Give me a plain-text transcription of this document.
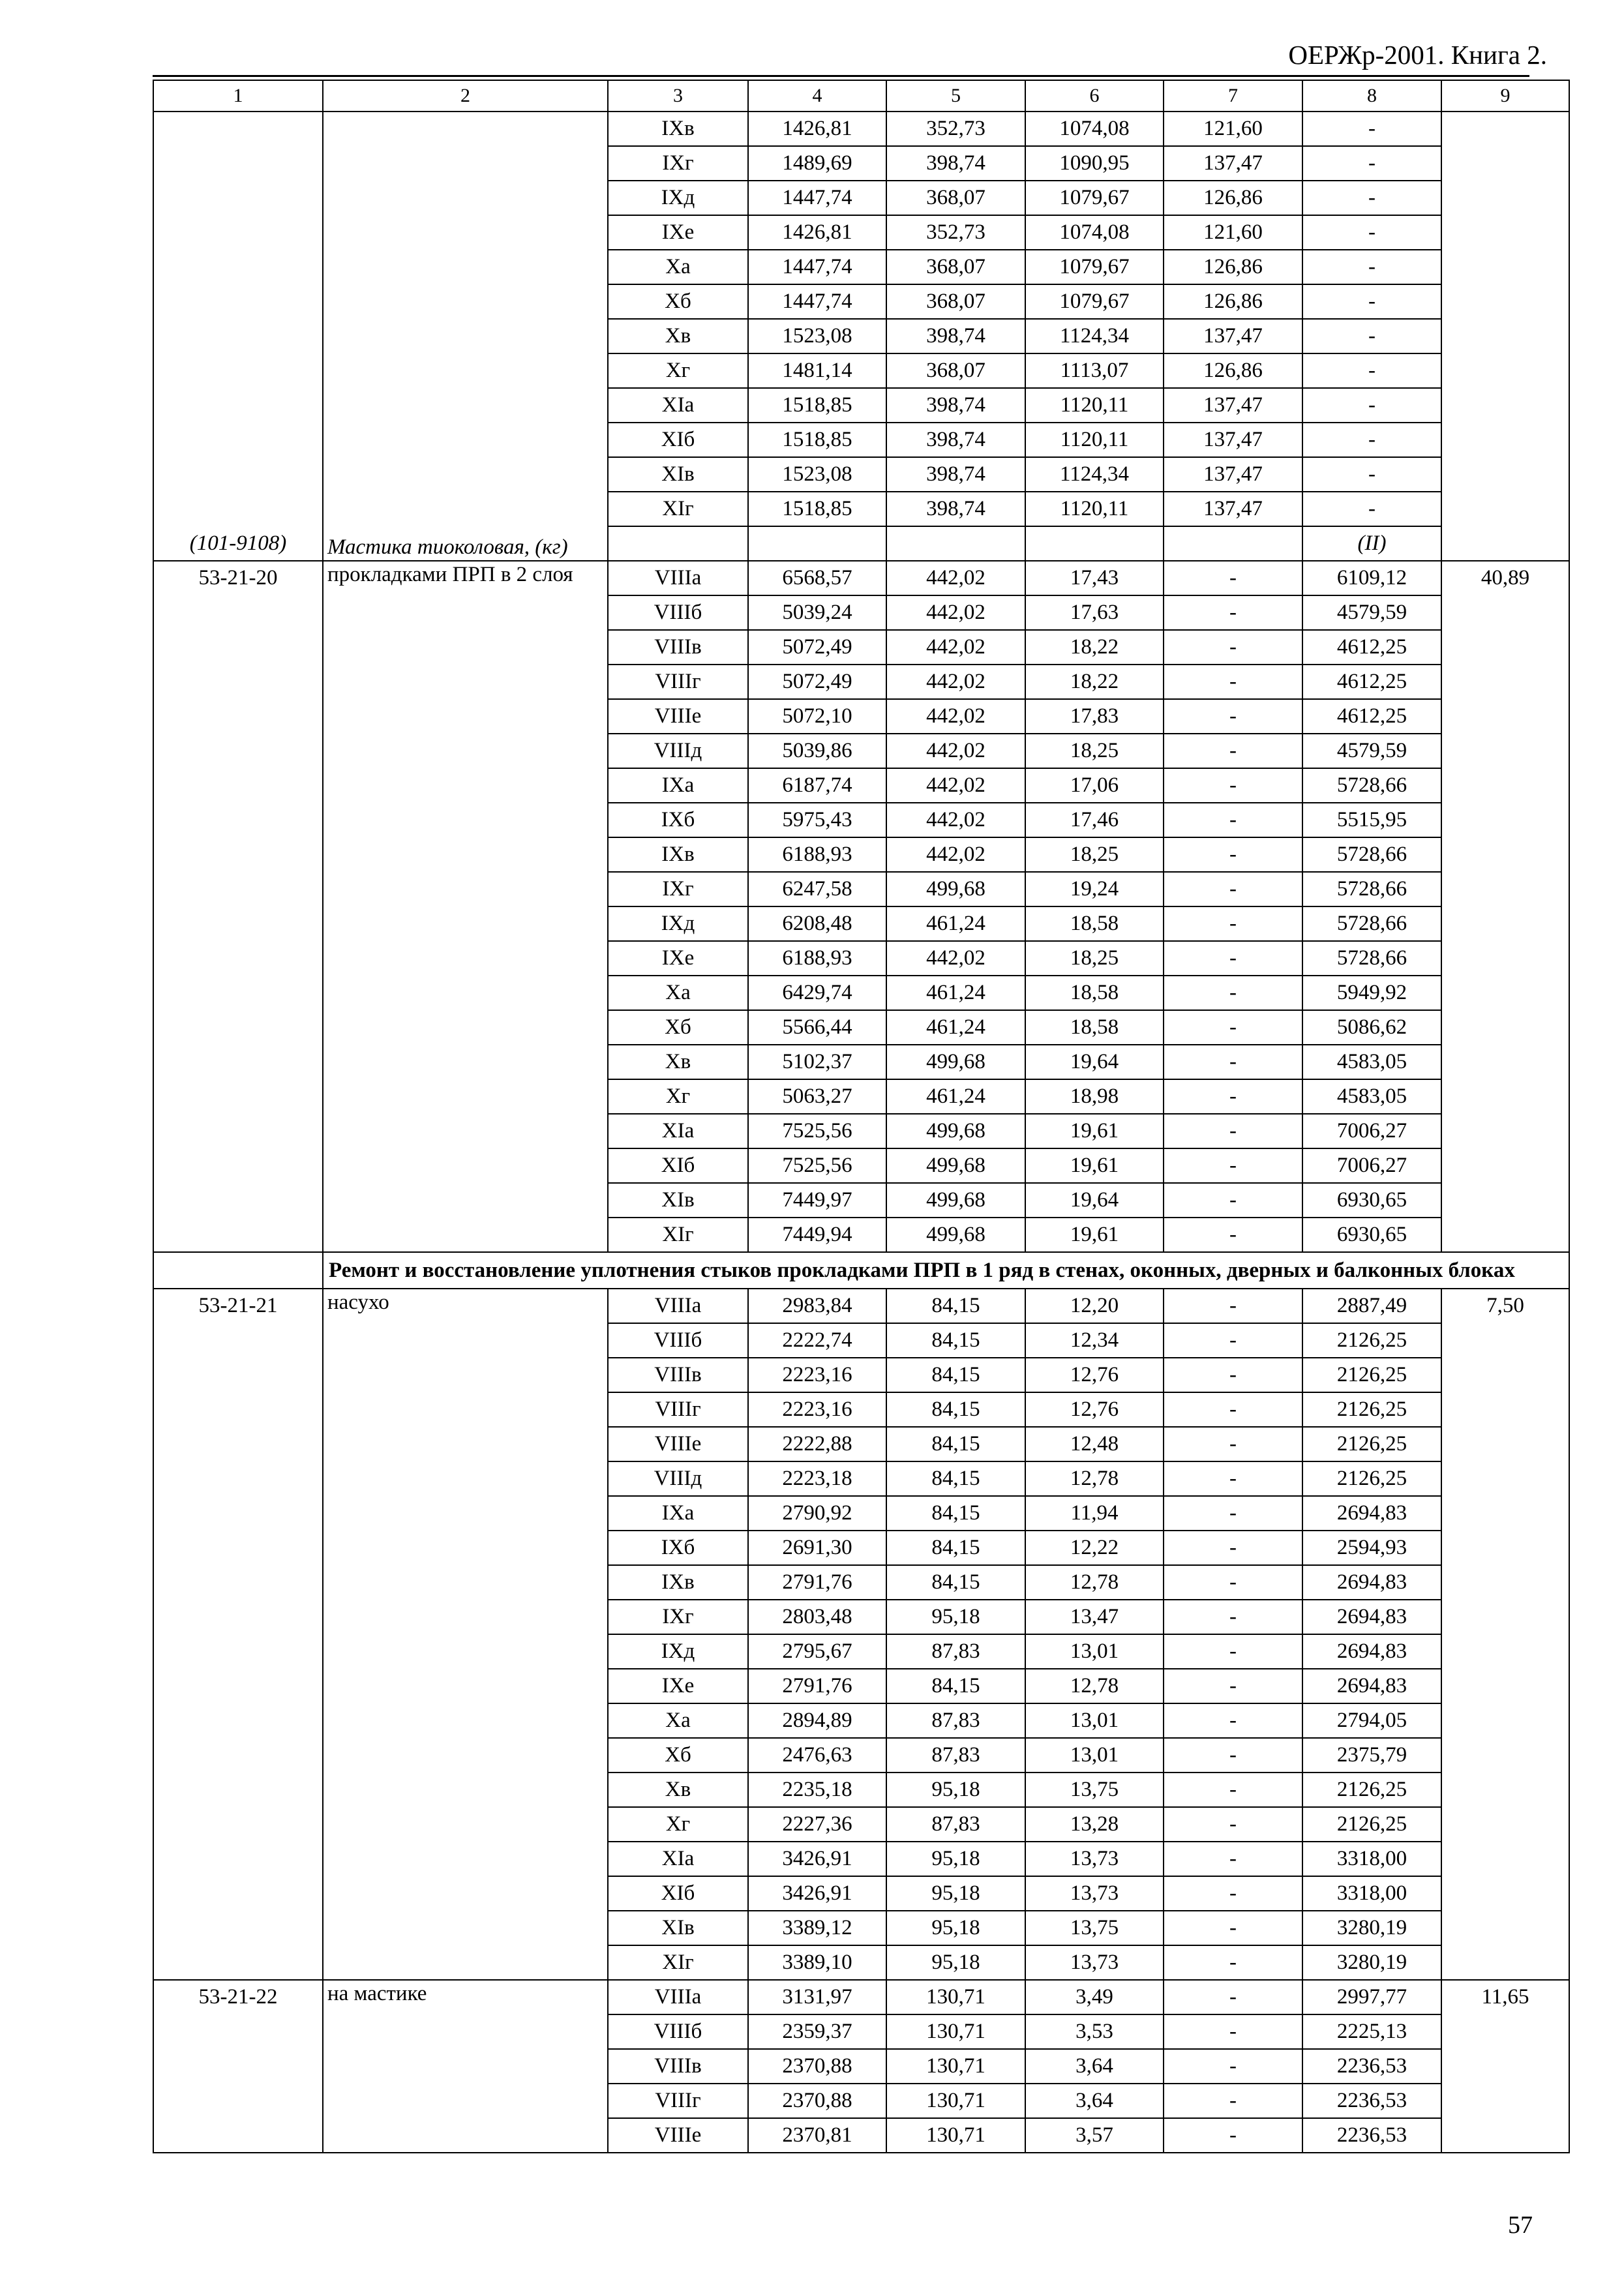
ОЕРЖр-2001. Книга 2.
1	2	3	4	5	6	7	8	9

(101-9108)	Мастика тиоколовая, (кг)	IXв	1426,81	352,73	1074,08	121,60	-	
		IXг	1489,69	398,74	1090,95	137,47	-	
		IXд	1447,74	368,07	1079,67	126,86	-	
		IXе	1426,81	352,73	1074,08	121,60	-	
		Xа	1447,74	368,07	1079,67	126,86	-	
		Xб	1447,74	368,07	1079,67	126,86	-	
		Xв	1523,08	398,74	1124,34	137,47	-	
		Xг	1481,14	368,07	1113,07	126,86	-	
		XIа	1518,85	398,74	1120,11	137,47	-	
		XIб	1518,85	398,74	1120,11	137,47	-	
		XIв	1523,08	398,74	1124,34	137,47	-	
		XIг	1518,85	398,74	1120,11	137,47	-	
							(II)	
53-21-20	прокладками ПРП в 2 слоя	VIIIа	6568,57	442,02	17,43	-	6109,12	40,89
		VIIIб	5039,24	442,02	17,63	-	4579,59	
		VIIIв	5072,49	442,02	18,22	-	4612,25	
		VIIIг	5072,49	442,02	18,22	-	4612,25	
		VIIIе	5072,10	442,02	17,83	-	4612,25	
		VIIIд	5039,86	442,02	18,25	-	4579,59	
		IXа	6187,74	442,02	17,06	-	5728,66	
		IXб	5975,43	442,02	17,46	-	5515,95	
		IXв	6188,93	442,02	18,25	-	5728,66	
		IXг	6247,58	499,68	19,24	-	5728,66	
		IXд	6208,48	461,24	18,58	-	5728,66	
		IXе	6188,93	442,02	18,25	-	5728,66	
		Xа	6429,74	461,24	18,58	-	5949,92	
		Xб	5566,44	461,24	18,58	-	5086,62	
		Xв	5102,37	499,68	19,64	-	4583,05	
		Xг	5063,27	461,24	18,98	-	4583,05	
		XIа	7525,56	499,68	19,61	-	7006,27	
		XIб	7525,56	499,68	19,61	-	7006,27	
		XIв	7449,97	499,68	19,64	-	6930,65	
		XIг	7449,94	499,68	19,61	-	6930,65	
	Ремонт и восстановление уплотнения стыков прокладками ПРП в 1 ряд в стенах, оконных, дверных и балконных блоках							
53-21-21	насухо	VIIIа	2983,84	84,15	12,20	-	2887,49	7,50
		VIIIб	2222,74	84,15	12,34	-	2126,25	
		VIIIв	2223,16	84,15	12,76	-	2126,25	
		VIIIг	2223,16	84,15	12,76	-	2126,25	
		VIIIе	2222,88	84,15	12,48	-	2126,25	
		VIIIд	2223,18	84,15	12,78	-	2126,25	
		IXа	2790,92	84,15	11,94	-	2694,83	
		IXб	2691,30	84,15	12,22	-	2594,93	
		IXв	2791,76	84,15	12,78	-	2694,83	
		IXг	2803,48	95,18	13,47	-	2694,83	
		IXд	2795,67	87,83	13,01	-	2694,83	
		IXе	2791,76	84,15	12,78	-	2694,83	
		Xа	2894,89	87,83	13,01	-	2794,05	
		Xб	2476,63	87,83	13,01	-	2375,79	
		Xв	2235,18	95,18	13,75	-	2126,25	
		Xг	2227,36	87,83	13,28	-	2126,25	
		XIа	3426,91	95,18	13,73	-	3318,00	
		XIб	3426,91	95,18	13,73	-	3318,00	
		XIв	3389,12	95,18	13,75	-	3280,19	
		XIг	3389,10	95,18	13,73	-	3280,19	
53-21-22	на мастике	VIIIа	3131,97	130,71	3,49	-	2997,77	11,65
		VIIIб	2359,37	130,71	3,53	-	2225,13	
		VIIIв	2370,88	130,71	3,64	-	2236,53	
		VIIIг	2370,88	130,71	3,64	-	2236,53	
		VIIIе	2370,81	130,71	3,57	-	2236,53	
57
